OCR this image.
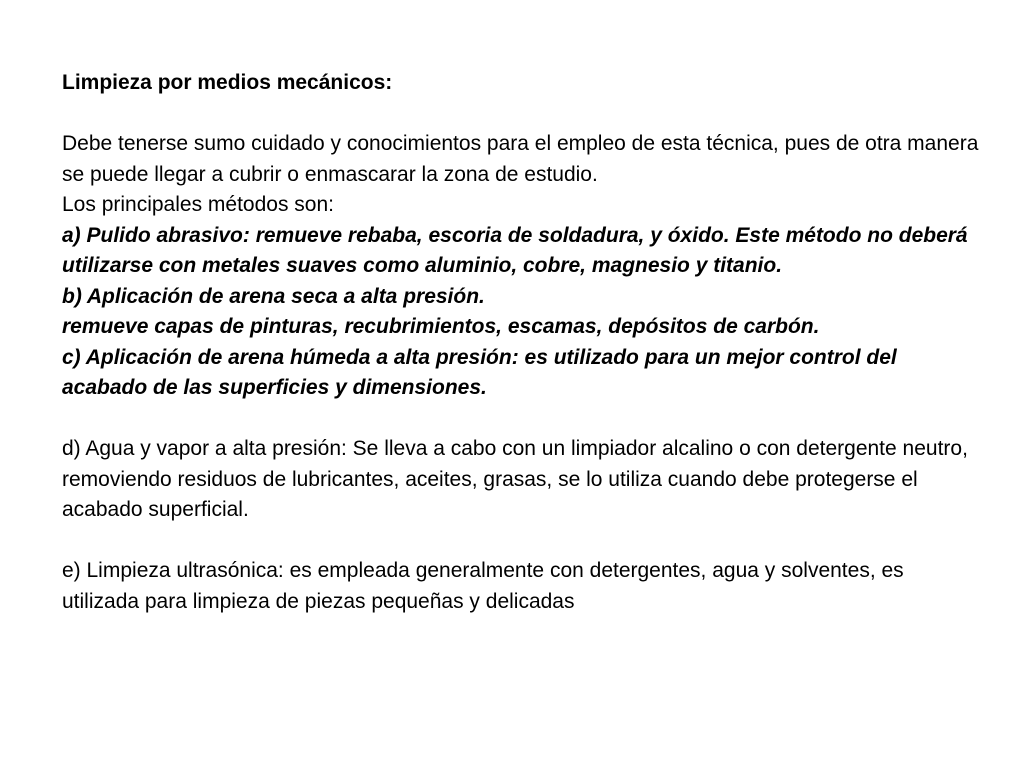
Limpieza por medios mecánicos:

Debe tenerse sumo cuidado y conocimientos para el empleo de esta técnica, pues de otra manera se puede llegar a cubrir o enmascarar la zona de estudio.

Los principales métodos son:

a) Pulido abrasivo: remueve rebaba, escoria de soldadura, y óxido. Este método no deberá utilizarse con metales suaves como aluminio, cobre, magnesio y titanio.

b) Aplicación de arena seca a alta presión.

remueve capas de pinturas, recubrimientos, escamas, depósitos de carbón.

c) Aplicación de arena húmeda a alta presión: es utilizado para un mejor control del acabado de las superficies y dimensiones.

d) Agua y vapor a alta presión: Se lleva a cabo con un limpiador alcalino o con detergente neutro, removiendo residuos de lubricantes, aceites, grasas, se lo utiliza cuando debe protegerse el acabado superficial.

e) Limpieza ultrasónica: es empleada generalmente con detergentes, agua y solventes, es utilizada para limpieza de piezas pequeñas y delicadas
